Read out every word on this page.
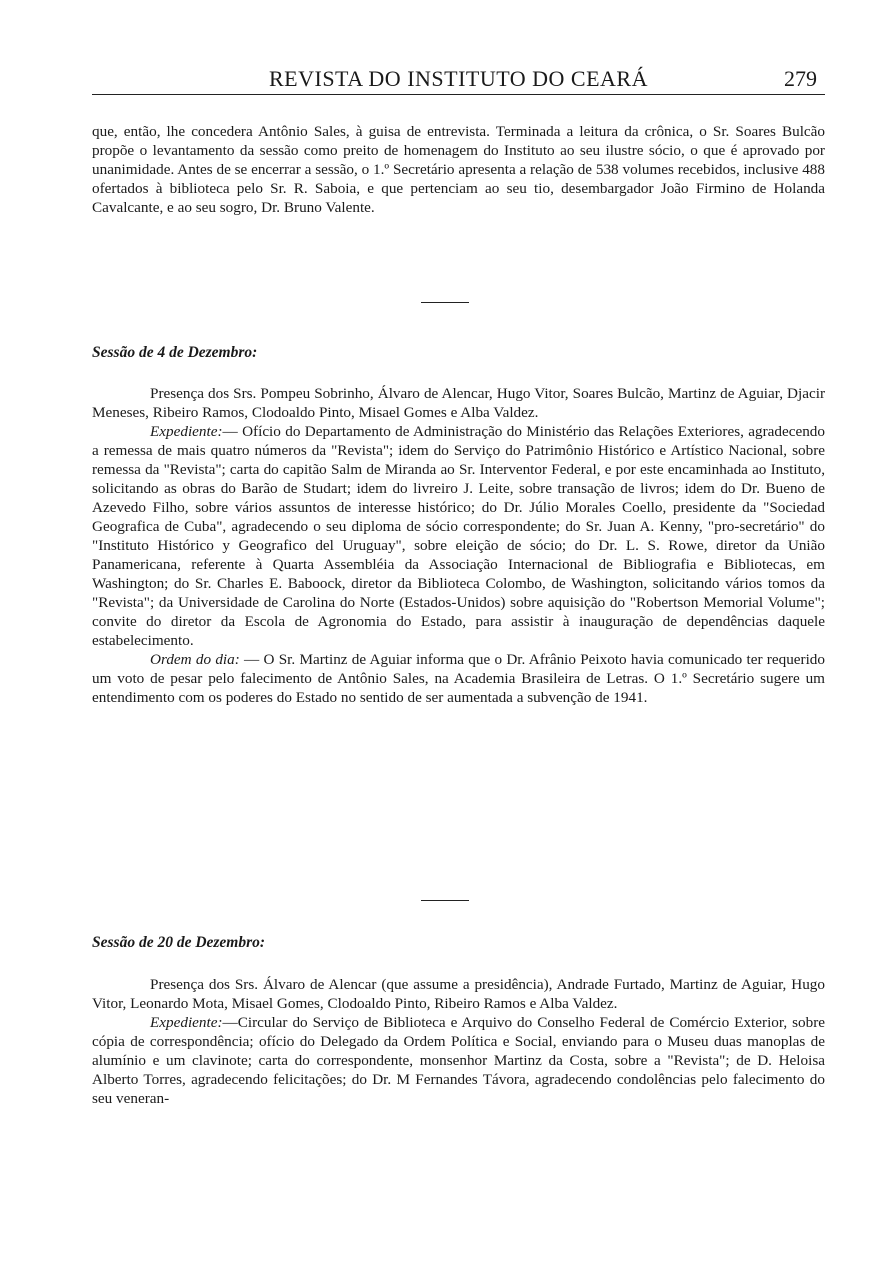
REVISTA DO INSTITUTO DO CEARÁ	279

que, então, lhe concedera Antônio Sales, à guisa de entrevista. Terminada a leitura da crônica, o Sr. Soares Bulcão propõe o levantamento da sessão como preito de homenagem do Instituto ao seu ilustre sócio, o que é aprovado por unanimidade. Antes de se encerrar a sessão, o 1.º Secretário apresenta a relação de 538 volumes recebidos, inclusive 488 ofertados à biblioteca pelo Sr. R. Saboia, e que pertenciam ao seu tio, desembargador João Firmino de Holanda Cavalcante, e ao seu sogro, Dr. Bruno Valente.

Sessão de 4 de Dezembro:

Presença dos Srs. Pompeu Sobrinho, Álvaro de Alencar, Hugo Vitor, Soares Bulcão, Martinz de Aguiar, Djacir Meneses, Ribeiro Ramos, Clodoaldo Pinto, Misael Gomes e Alba Valdez.

Expediente:— Ofício do Departamento de Administração do Ministério das Relações Exteriores, agradecendo a remessa de mais quatro números da "Revista"; idem do Serviço do Patrimônio Histórico e Artístico Nacional, sobre remessa da "Revista"; carta do capitão Salm de Miranda ao Sr. Interventor Federal, e por este encaminhada ao Instituto, solicitando as obras do Barão de Studart; idem do livreiro J. Leite, sobre transação de livros; idem do Dr. Bueno de Azevedo Filho, sobre vários assuntos de interesse histórico; do Dr. Júlio Morales Coello, presidente da "Sociedad Geografica de Cuba", agradecendo o seu diploma de sócio correspondente; do Sr. Juan A. Kenny, "pro-secretário" do "Instituto Histórico y Geografico del Uruguay", sobre eleição de sócio; do Dr. L. S. Rowe, diretor da União Panamericana, referente à Quarta Assembléia da Associação Internacional de Bibliografia e Bibliotecas, em Washington; do Sr. Charles E. Baboock, diretor da Biblioteca Colombo, de Washington, solicitando vários tomos da "Revista"; da Universidade de Carolina do Norte (Estados-Unidos) sobre aquisição do "Robertson Memorial Volume"; convite do diretor da Escola de Agronomia do Estado, para assistir à inauguração de dependências daquele estabelecimento.

Ordem do dia: — O Sr. Martinz de Aguiar informa que o Dr. Afrânio Peixoto havia comunicado ter requerido um voto de pesar pelo falecimento de Antônio Sales, na Academia Brasileira de Letras. O 1.º Secretário sugere um entendimento com os poderes do Estado no sentido de ser aumentada a subvenção de 1941.

Sessão de 20 de Dezembro:

Presença dos Srs. Álvaro de Alencar (que assume a presidência), Andrade Furtado, Martinz de Aguiar, Hugo Vitor, Leonardo Mota, Misael Gomes, Clodoaldo Pinto, Ribeiro Ramos e Alba Valdez.

Expediente:—Circular do Serviço de Biblioteca e Arquivo do Conselho Federal de Comércio Exterior, sobre cópia de correspondência; ofício do Delegado da Ordem Política e Social, enviando para o Museu duas manoplas de alumínio e um clavinote; carta do correspondente, monsenhor Martinz da Costa, sobre a "Revista"; de D. Heloisa Alberto Torres, agradecendo felicitações; do Dr. M Fernandes Távora, agradecendo condolências pelo falecimento do seu veneran-
